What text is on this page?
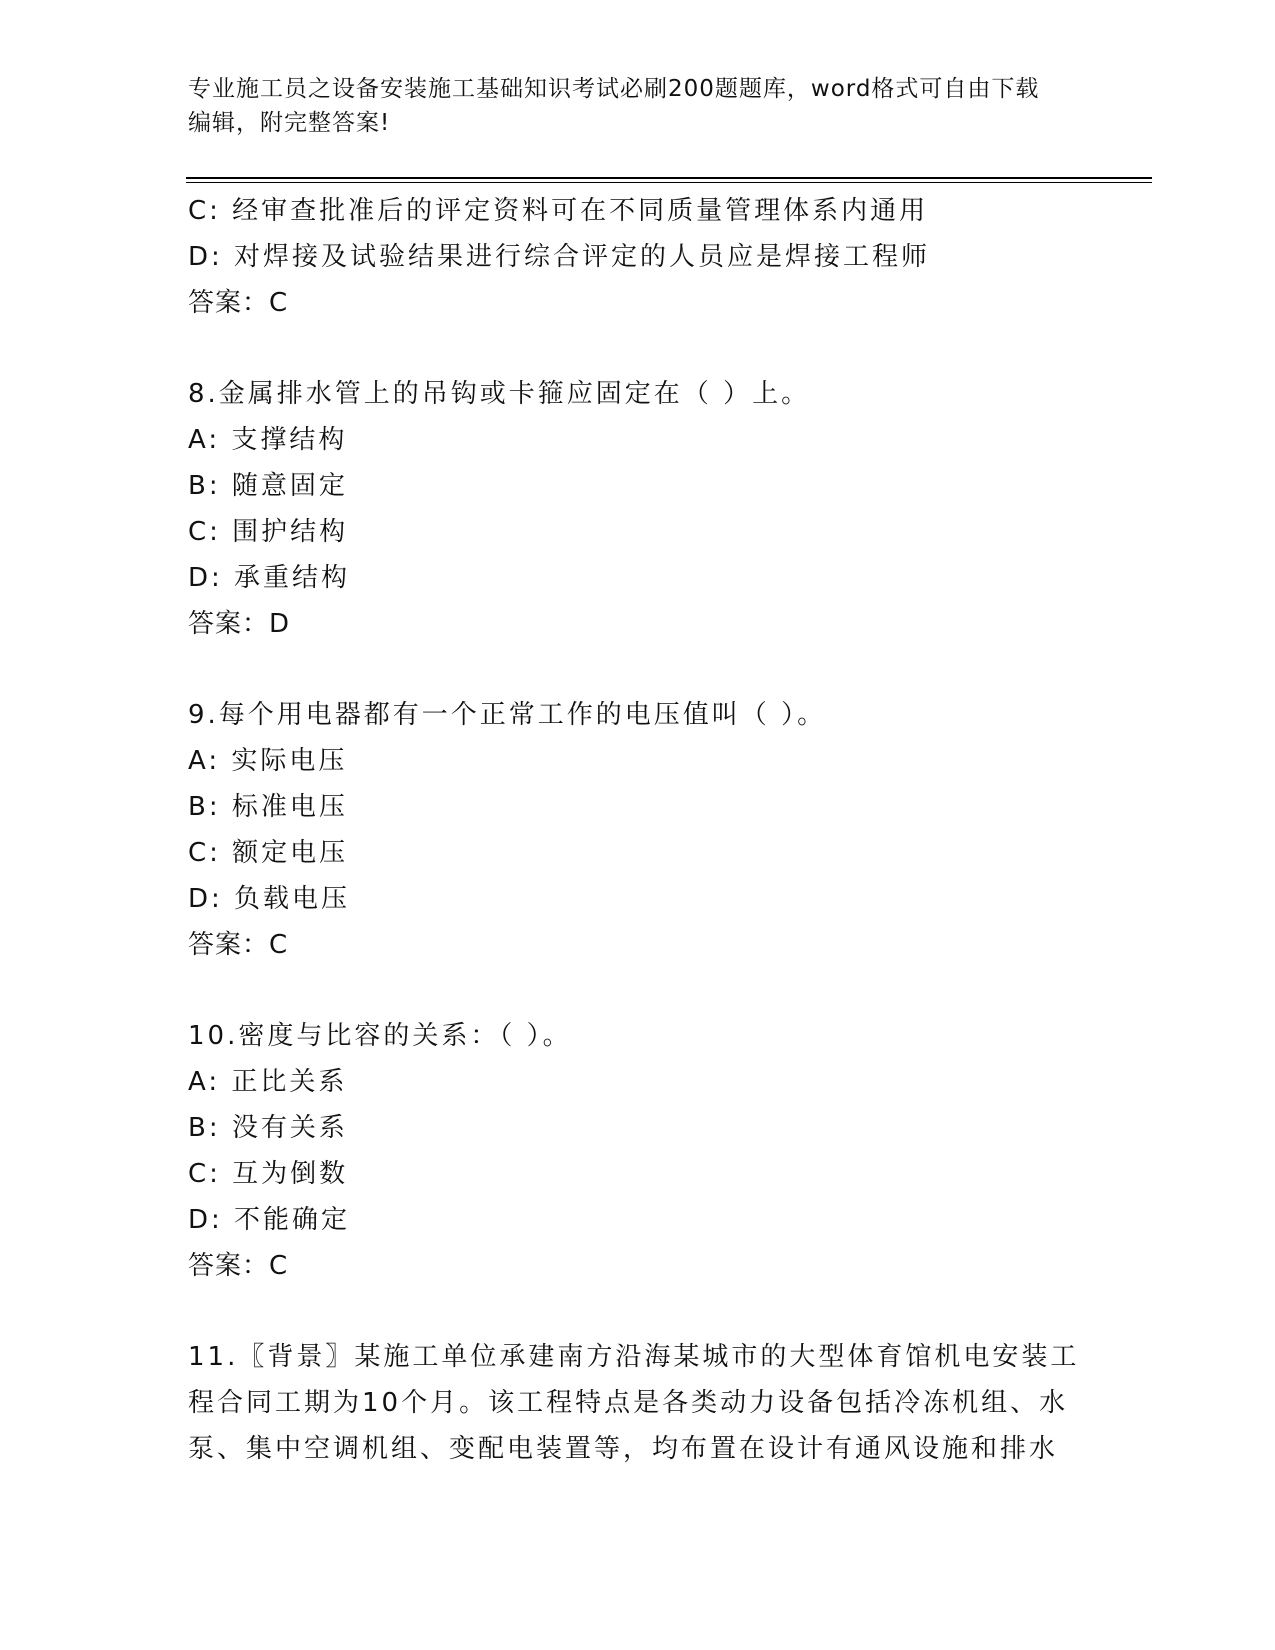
专业施工员之设备安装施工基础知识考试必刷200题题库，word格式可自由下载
编辑，附完整答案!
C: 经审查批准后的评定资料可在不同质量管理体系内通用
D: 对焊接及试验结果进行综合评定的人员应是焊接工程师
答案：C
8.金属排水管上的吊钩或卡箍应固定在（ ）上。
A: 支撑结构
B: 随意固定
C: 围护结构
D: 承重结构
答案：D
9.每个用电器都有一个正常工作的电压值叫（ ）。
A: 实际电压
B: 标准电压
C: 额定电压
D: 负载电压
答案：C
10.密度与比容的关系：（ ）。
A: 正比关系
B: 没有关系
C: 互为倒数
D: 不能确定
答案：C
11.〖背景〗某施工单位承建南方沿海某城市的大型体育馆机电安装工
程合同工期为10个月。该工程特点是各类动力设备包括冷冻机组、水
泵、集中空调机组、变配电装置等，均布置在设计有通风设施和排水
